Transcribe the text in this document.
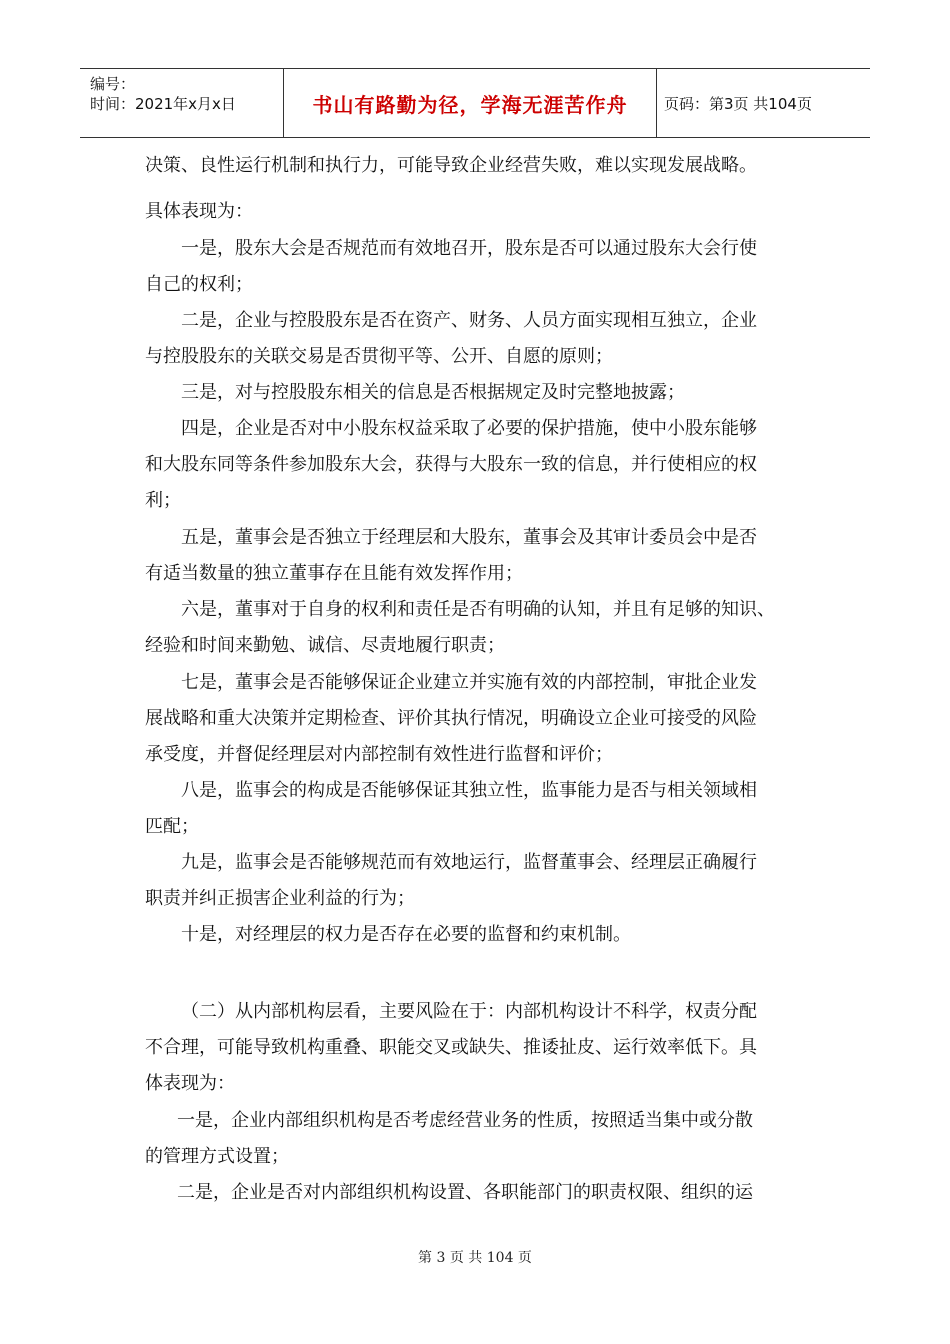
编号：
时间：2021年x月x日	书山有路勤为径，学海无涯苦作舟 页码：第3页 共104页
决策、良性运行机制和执行力，可能导致企业经营失败，难以实现发展战略。
具体表现为：
一是，股东大会是否规范而有效地召开，股东是否可以通过股东大会行使
自己的权利；
二是，企业与控股股东是否在资产、财务、人员方面实现相互独立，企业
与控股股东的关联交易是否贯彻平等、公开、自愿的原则；
三是，对与控股股东相关的信息是否根据规定及时完整地披露；
四是，企业是否对中小股东权益采取了必要的保护措施，使中小股东能够
和大股东同等条件参加股东大会，获得与大股东一致的信息，并行使相应的权
利；
五是，董事会是否独立于经理层和大股东，董事会及其审计委员会中是否
有适当数量的独立董事存在且能有效发挥作用；
六是，董事对于自身的权利和责任是否有明确的认知，并且有足够的知识、
经验和时间来勤勉、诚信、尽责地履行职责；
七是，董事会是否能够保证企业建立并实施有效的内部控制，审批企业发
展战略和重大决策并定期检查、评价其执行情况，明确设立企业可接受的风险
承受度，并督促经理层对内部控制有效性进行监督和评价；
八是，监事会的构成是否能够保证其独立性，监事能力是否与相关领域相
匹配；
九是，监事会是否能够规范而有效地运行，监督董事会、经理层正确履行
职责并纠正损害企业利益的行为；
十是，对经理层的权力是否存在必要的监督和约束机制。
（二）从内部机构层看，主要风险在于：内部机构设计不科学，权责分配
不合理，可能导致机构重叠、职能交叉或缺失、推诿扯皮、运行效率低下。具
体表现为：
一是，企业内部组织机构是否考虑经营业务的性质，按照适当集中或分散
的管理方式设置；
二是，企业是否对内部组织机构设置、各职能部门的职责权限、组织的运
第 3 页 共 104 页
